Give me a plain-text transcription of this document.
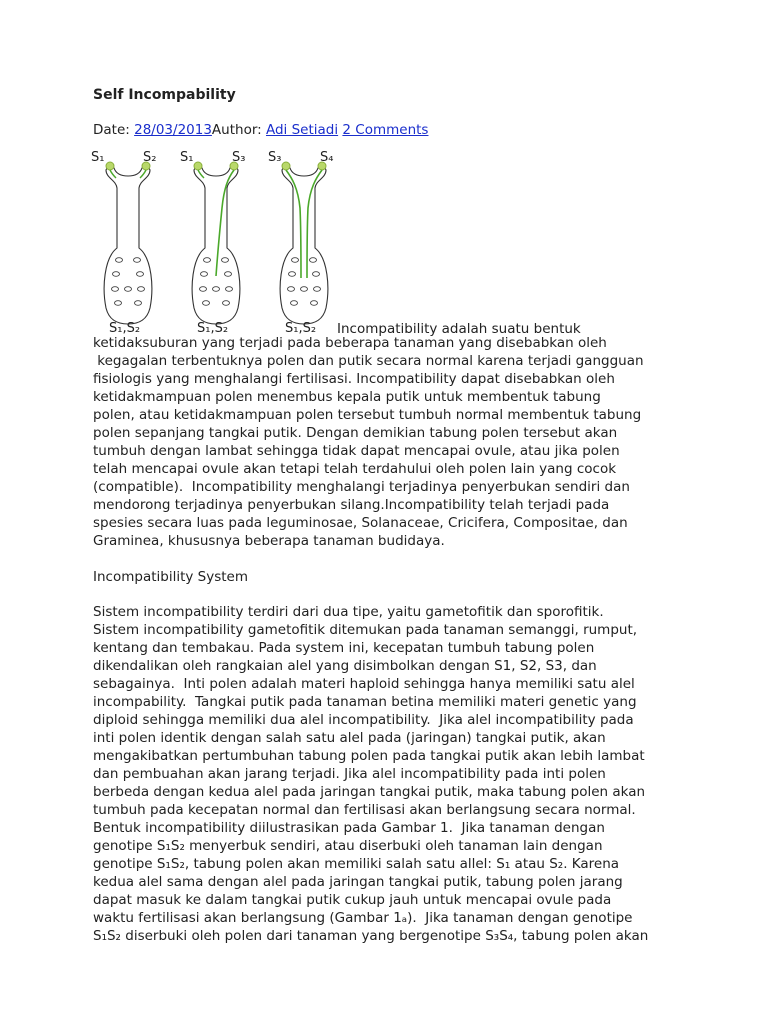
Self Incompability
Date: 28/03/2013Author: Adi Setiadi 2 Comments
S₁	S₂
S₁,S₂
S₁	S₃
S₁,S₂
S₃	S₄
S₁,S₂ Incompatibility adalah suatu bentuk

ketidaksuburan yang terjadi pada beberapa tanaman yang disebabkan oleh

kegagalan terbentuknya polen dan putik secara normal karena terjadi gangguan

fisiologis yang menghalangi fertilisasi. Incompatibility dapat disebabkan oleh

ketidakmampuan polen menembus kepala putik untuk membentuk tabung

polen, atau ketidakmampuan polen tersebut tumbuh normal membentuk tabung

polen sepanjang tangkai putik. Dengan demikian tabung polen tersebut akan

tumbuh dengan lambat sehingga tidak dapat mencapai ovule, atau jika polen

telah mencapai ovule akan tetapi telah terdahului oleh polen lain yang cocok

(compatible).  Incompatibility menghalangi terjadinya penyerbukan sendiri dan

mendorong terjadinya penyerbukan silang.Incompatibility telah terjadi pada

spesies secara luas pada leguminosae, Solanaceae, Cricifera, Compositae, dan

Graminea, khususnya beberapa tanaman budidaya.

Incompatibility System

Sistem incompatibility terdiri dari dua tipe, yaitu gametofitik dan sporofitik.

Sistem incompatibility gametofitik ditemukan pada tanaman semanggi, rumput,

kentang dan tembakau. Pada system ini, kecepatan tumbuh tabung polen

dikendalikan oleh rangkaian alel yang disimbolkan dengan S1, S2, S3, dan

sebagainya.  Inti polen adalah materi haploid sehingga hanya memiliki satu alel

incompability.  Tangkai putik pada tanaman betina memiliki materi genetic yang

diploid sehingga memiliki dua alel incompatibility.  Jika alel incompatibility pada

inti polen identik dengan salah satu alel pada (jaringan) tangkai putik, akan

mengakibatkan pertumbuhan tabung polen pada tangkai putik akan lebih lambat

dan pembuahan akan jarang terjadi. Jika alel incompatibility pada inti polen

berbeda dengan kedua alel pada jaringan tangkai putik, maka tabung polen akan

tumbuh pada kecepatan normal dan fertilisasi akan berlangsung secara normal.

Bentuk incompatibility diilustrasikan pada Gambar 1.  Jika tanaman dengan

genotipe S₁S₂ menyerbuk sendiri, atau diserbuki oleh tanaman lain dengan

genotipe S₁S₂, tabung polen akan memiliki salah satu allel: S₁ atau S₂. Karena

kedua alel sama dengan alel pada jaringan tangkai putik, tabung polen jarang

dapat masuk ke dalam tangkai putik cukup jauh untuk mencapai ovule pada

waktu fertilisasi akan berlangsung (Gambar 1ₐ).  Jika tanaman dengan genotipe

S₁S₂ diserbuki oleh polen dari tanaman yang bergenotipe S₃S₄, tabung polen akan
